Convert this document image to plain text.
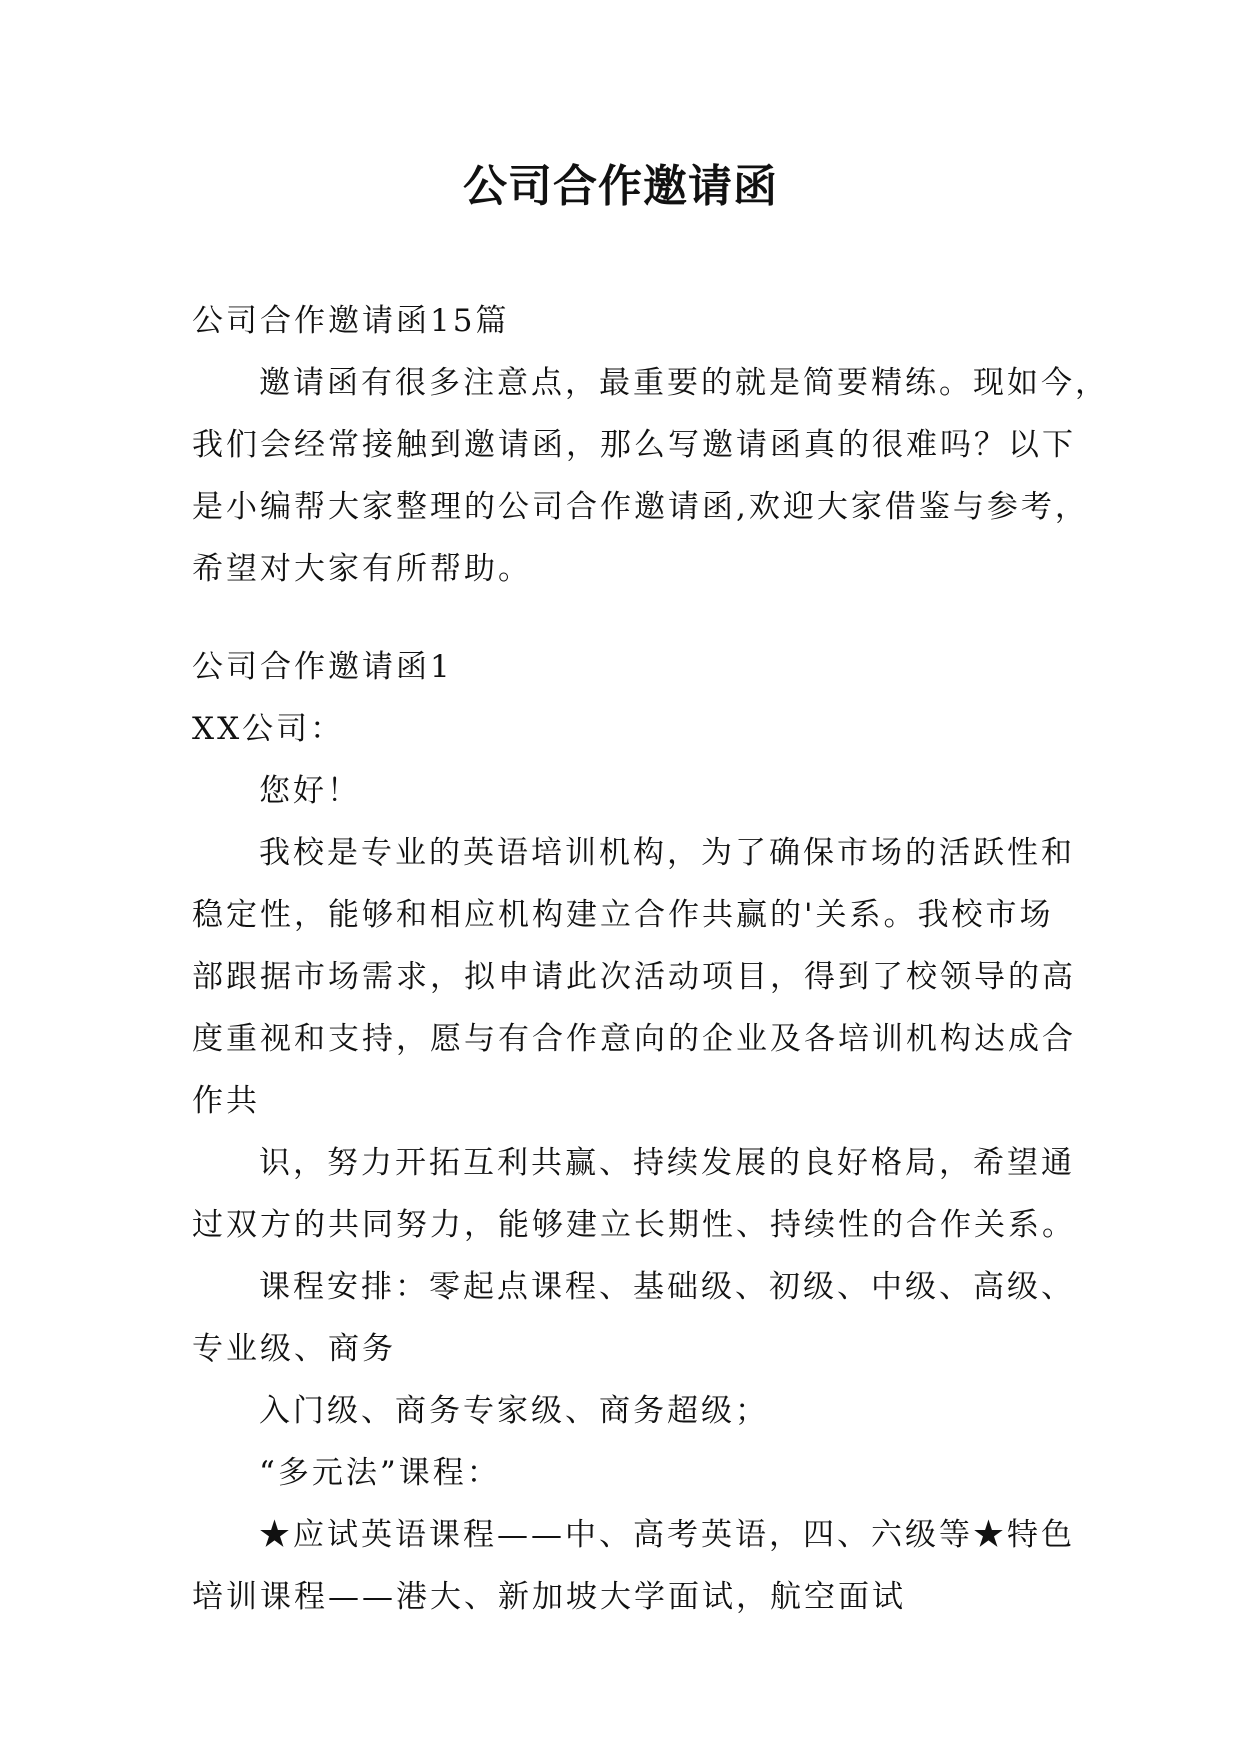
公司合作邀请函
公司合作邀请函15篇
邀请函有很多注意点，最重要的就是简要精练。现如今，
我们会经常接触到邀请函，那么写邀请函真的很难吗？以下
是小编帮大家整理的公司合作邀请函,欢迎大家借鉴与参考，
希望对大家有所帮助。
公司合作邀请函1
XX公司：
您好！
我校是专业的英语培训机构，为了确保市场的活跃性和
稳定性，能够和相应机构建立合作共赢的'关系。我校市场
部跟据市场需求，拟申请此次活动项目，得到了校领导的高
度重视和支持，愿与有合作意向的企业及各培训机构达成合
作共
识，努力开拓互利共赢、持续发展的良好格局，希望通
过双方的共同努力，能够建立长期性、持续性的合作关系。
课程安排：零起点课程、基础级、初级、中级、高级、
专业级、商务
入门级、商务专家级、商务超级；
“多元法”课程：
★应试英语课程——中、高考英语，四、六级等★特色
培训课程——港大、新加坡大学面试，航空面试
